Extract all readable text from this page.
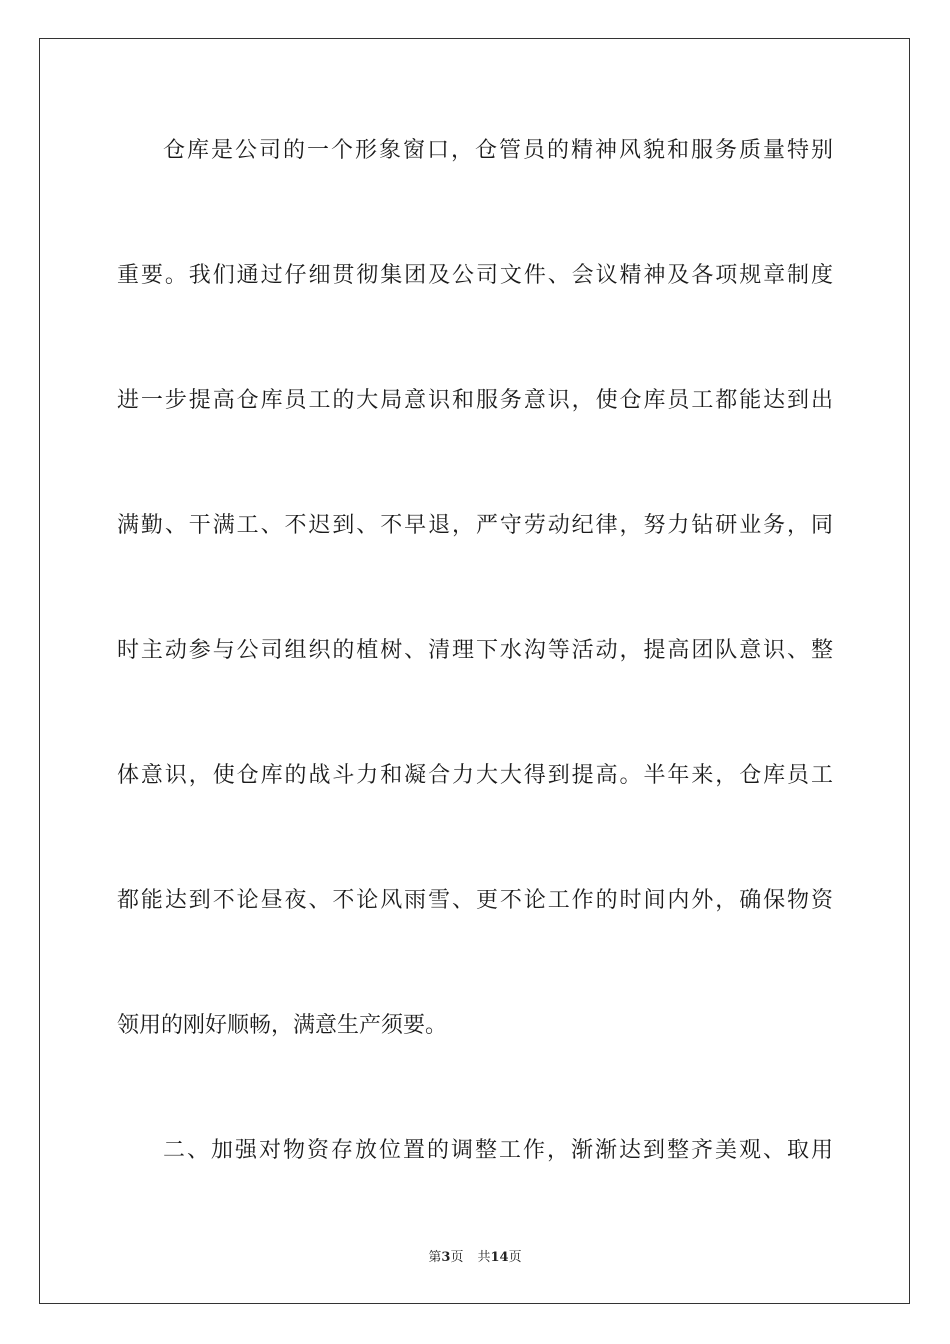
仓库是公司的一个形象窗口，仓管员的精神风貌和服务质量特别
重要。我们通过仔细贯彻集团及公司文件、会议精神及各项规章制度
进一步提高仓库员工的大局意识和服务意识，使仓库员工都能达到出
满勤、干满工、不迟到、不早退，严守劳动纪律，努力钻研业务，同
时主动参与公司组织的植树、清理下水沟等活动，提高团队意识、整
体意识，使仓库的战斗力和凝合力大大得到提高。半年来，仓库员工
都能达到不论昼夜、不论风雨雪、更不论工作的时间内外，确保物资
领用的刚好顺畅，满意生产须要。
二、加强对物资存放位置的调整工作，渐渐达到整齐美观、取用
第3页 共14页
